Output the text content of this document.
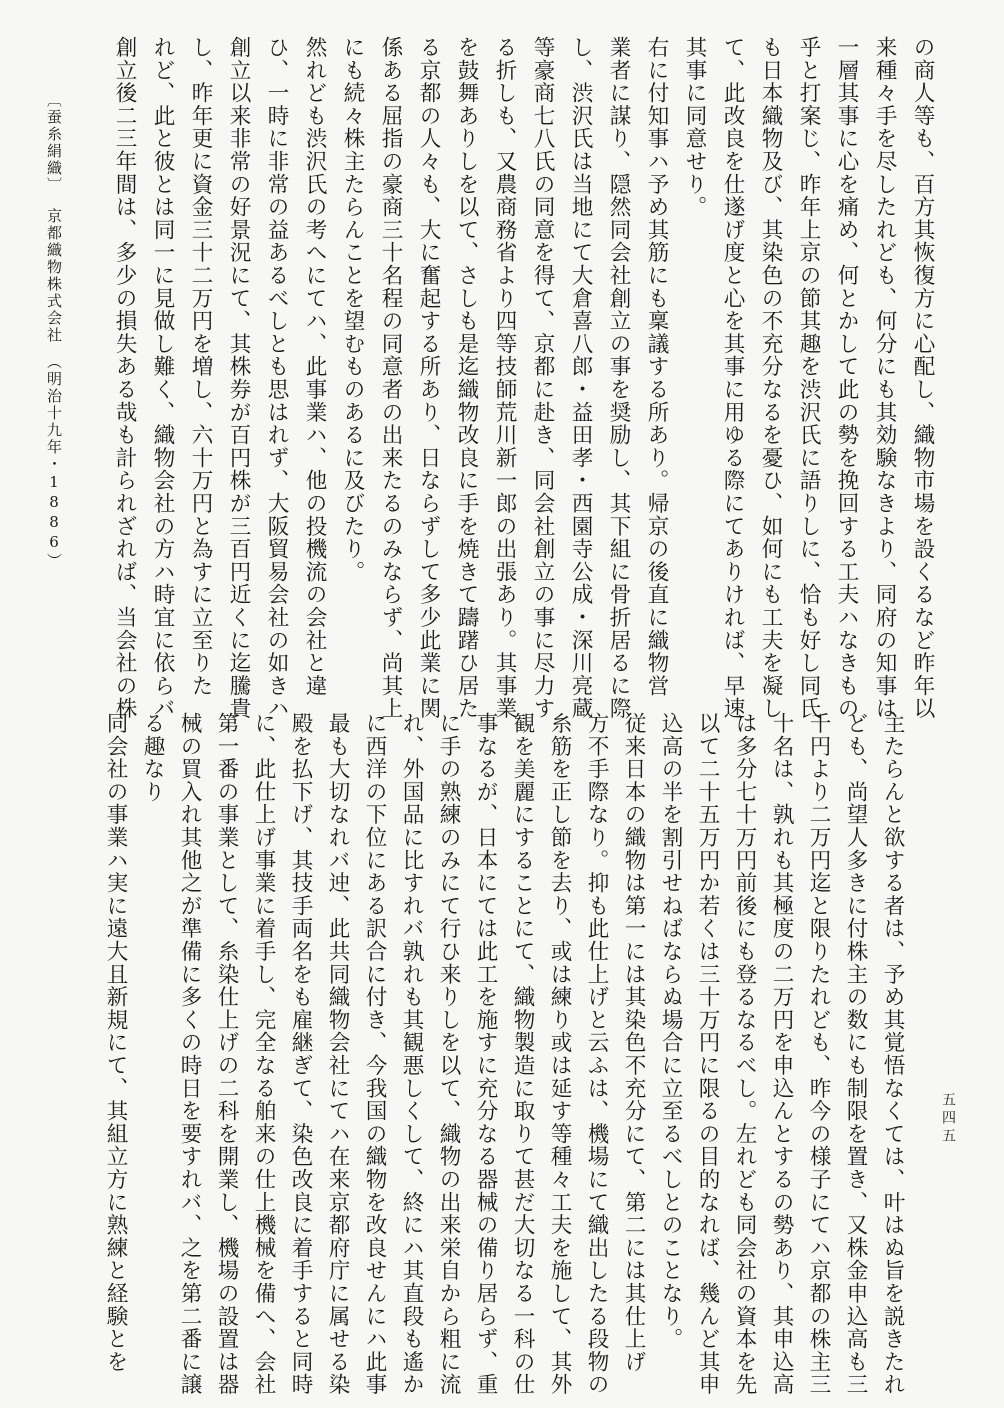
の商人等も、百方其恢復方に心配し、織物市場を設くるなど昨年以

来種々手を尽したれども、何分にも其効験なきより、同府の知事は

一層其事に心を痛め、何とかして此の勢を挽回する工夫ハなきもの

乎と打案じ、昨年上京の節其趣を渋沢氏に語りしに、恰も好し同氏

も日本織物及び、其染色の不充分なるを憂ひ、如何にも工夫を凝し

て、此改良を仕遂げ度と心を其事に用ゆる際にてありければ、早速

其事に同意せり。

右に付知事ハ予め其筋にも稟議する所あり。帰京の後直に織物営

業者に謀り、隠然同会社創立の事を奨励し、其下組に骨折居るに際

し、渋沢氏は当地にて大倉喜八郎・益田孝・西園寺公成・深川亮蔵

等豪商七八氏の同意を得て、京都に赴き、同会社創立の事に尽力す

る折しも、又農商務省より四等技師荒川新一郎の出張あり。其事業

を鼓舞ありしを以て、さしも是迄織物改良に手を焼きて躊躇ひ居た

る京都の人々も、大に奮起する所あり、日ならずして多少此業に関

係ある屈指の豪商三十名程の同意者の出来たるのみならず、尚其上

にも続々株主たらんことを望むものあるに及びたり。

然れども渋沢氏の考へにてハ、此事業ハ、他の投機流の会社と違

ひ、一時に非常の益あるべしとも思はれず、大阪貿易会社の如きハ

創立以来非常の好景況にて、其株券が百円株が三百円近くに迄騰貴

し、昨年更に資金三十二万円を増し、六十万円と為すに立至りた

れど、此と彼とは同一に見做し難く、織物会社の方ハ時宜に依らバ

創立後二三年間は、多少の損失ある哉も計られざれば、当会社の株

主たらんと欲する者は、予め其覚悟なくては、叶はぬ旨を説きたれ

ども、尚望人多きに付株主の数にも制限を置き、又株金申込高も三

千円より二万円迄と限りたれども、昨今の様子にてハ京都の株主三

十名は、孰れも其極度の二万円を申込んとするの勢あり、其申込高

は多分七十万円前後にも登るなるべし。左れども同会社の資本を先

以て二十五万円か若くは三十万円に限るの目的なれば、幾んど其申

込高の半を割引せねばならぬ場合に立至るべしとのことなり。

従来日本の織物は第一には其染色不充分にて、第二には其仕上げ

方不手際なり。抑も此仕上げと云ふは、機場にて織出したる段物の

糸筋を正し節を去り、或は練り或は延す等種々工夫を施して、其外

観を美麗にすることにて、織物製造に取りて甚だ大切なる一科の仕

事なるが、日本にては此工を施すに充分なる器械の備り居らず、重

に手の熟練のみにて行ひ来りしを以て、織物の出来栄自から粗に流

れ、外国品に比すれバ孰れも其観悪しくして、終にハ其直段も遙か

に西洋の下位にある訳合に付き、今我国の織物を改良せんにハ此事

最も大切なれバ迚、此共同織物会社にてハ在来京都府庁に属せる染

殿を払下げ、其技手両名をも雇継ぎて、染色改良に着手すると同時

に、此仕上げ事業に着手し、完全なる舶来の仕上機械を備へ、会社

第一番の事業として、糸染仕上げの二科を開業し、機場の設置は器

械の買入れ其他之が準備に多くの時日を要すれバ、之を第二番に譲

る趣なり

同会社の事業ハ実に遠大且新規にて、其組立方に熟練と経験とを

〔蚕糸絹織〕京都織物株式会社（明治十九年・1886）
五四五
